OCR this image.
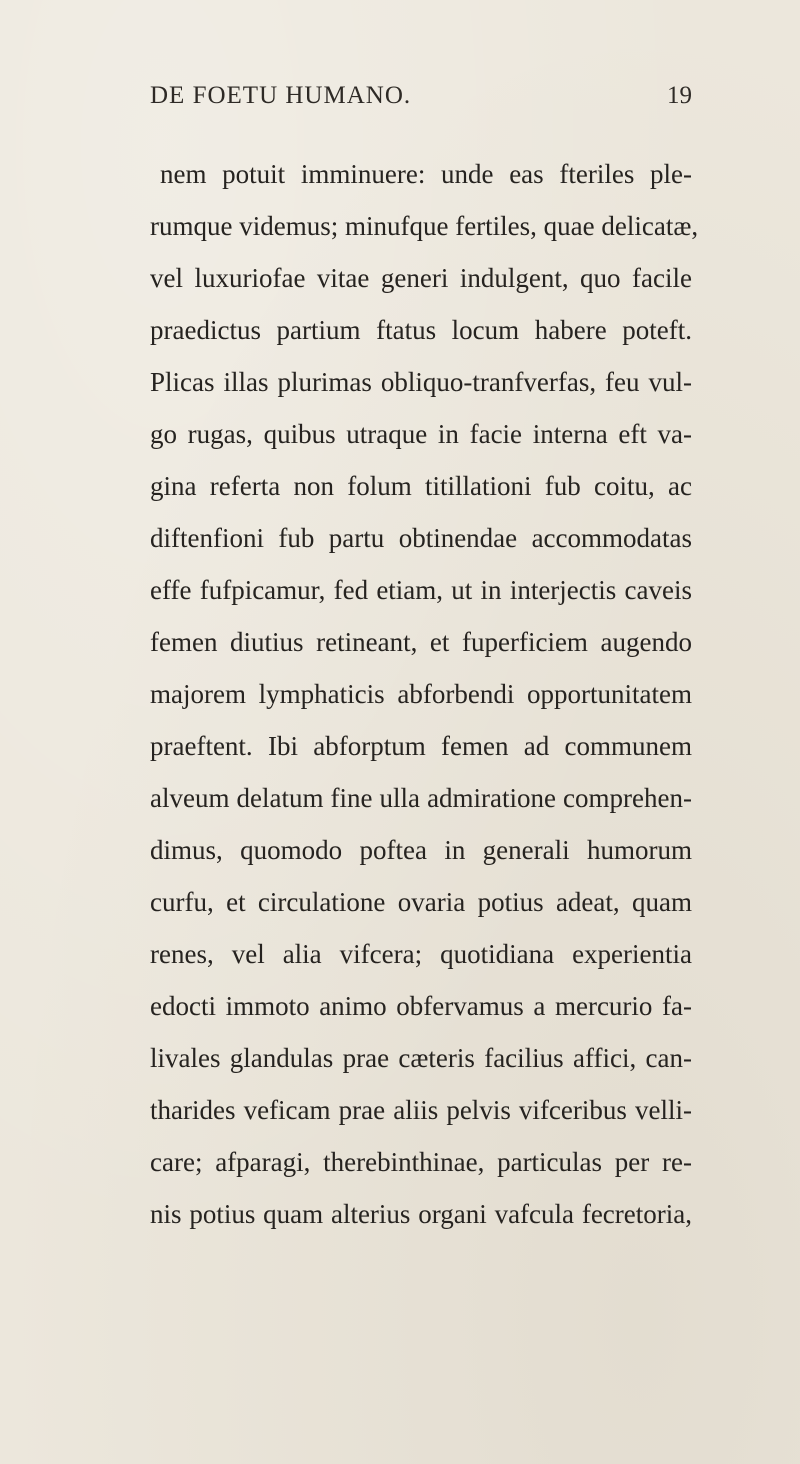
DE FOETU HUMANO.	19
nem potuit imminuere: unde eas fteriles ple-
rumque videmus; minufque fertiles, quae delicatæ,
vel luxuriofae vitae generi indulgent, quo facile
praedictus partium ftatus locum habere poteft.
Plicas illas plurimas obliquo-tranfverfas, feu vul-
go rugas, quibus utraque in facie interna eft va-
gina referta non folum titillationi fub coitu, ac
diftenfioni fub partu obtinendae accommodatas
effe fufpicamur, fed etiam, ut in interjectis caveis
femen diutius retineant, et fuperficiem augendo
majorem lymphaticis abforbendi opportunitatem
praeftent. Ibi abforptum femen ad communem
alveum delatum fine ulla admiratione comprehen-
dimus, quomodo poftea in generali humorum
curfu, et circulatione ovaria potius adeat, quam
renes, vel alia vifcera; quotidiana experientia
edocti immoto animo obfervamus a mercurio fa-
livales glandulas prae cæteris facilius affici, can-
tharides veficam prae aliis pelvis vifceribus velli-
care; afparagi, therebinthinae, particulas per re-
nis potius quam alterius organi vafcula fecretoria,
